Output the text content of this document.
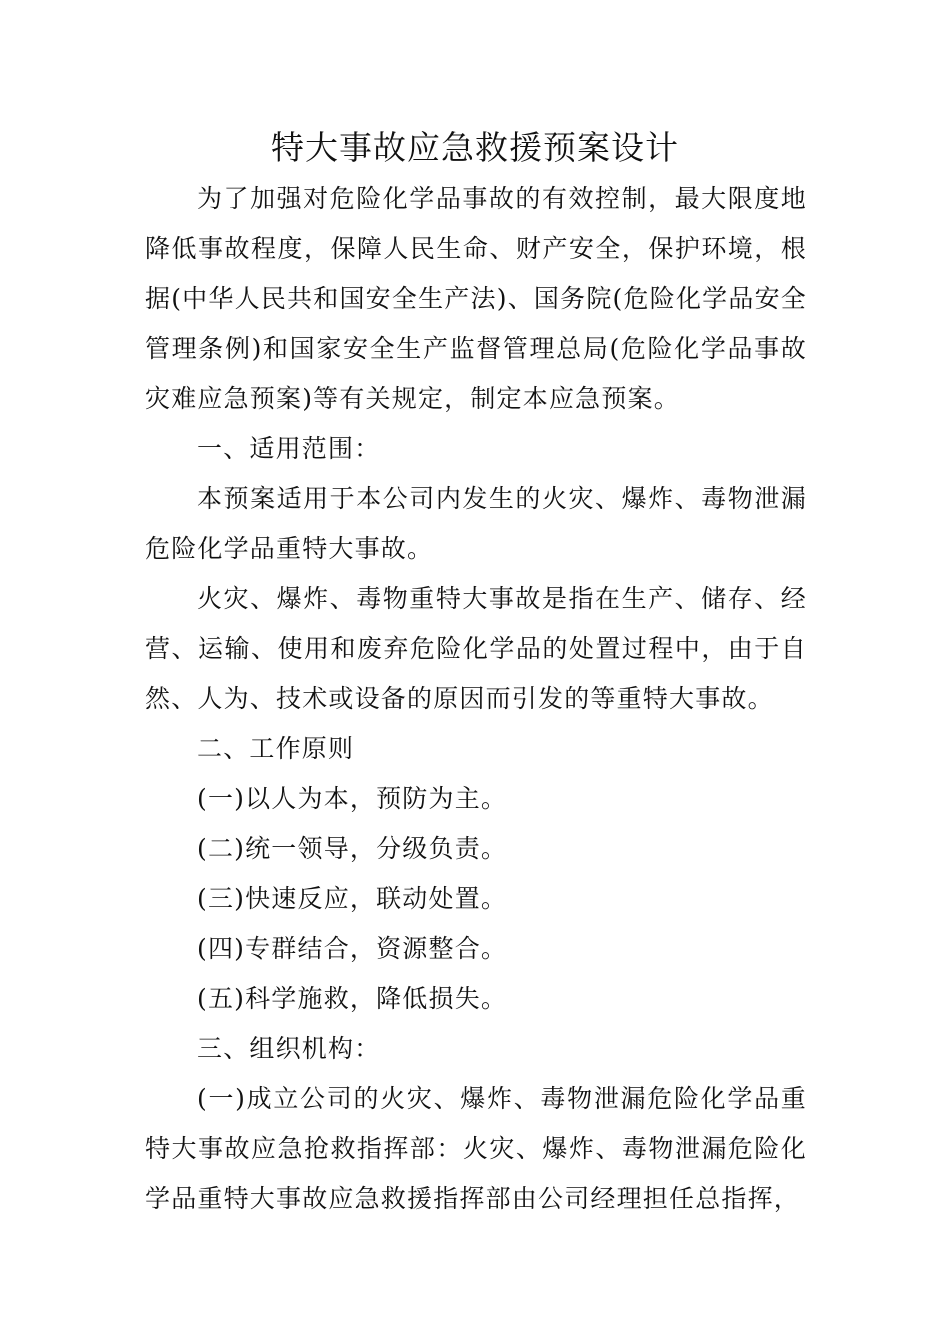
特大事故应急救援预案设计

为了加强对危险化学品事故的有效控制，最大限度地降低事故程度，保障人民生命、财产安全，保护环境，根据(中华人民共和国安全生产法)、国务院(危险化学品安全管理条例)和国家安全生产监督管理总局(危险化学品事故灾难应急预案)等有关规定，制定本应急预案。

一、适用范围：

本预案适用于本公司内发生的火灾、爆炸、毒物泄漏危险化学品重特大事故。

火灾、爆炸、毒物重特大事故是指在生产、储存、经营、运输、使用和废弃危险化学品的处置过程中，由于自然、人为、技术或设备的原因而引发的等重特大事故。

二、工作原则

(一)以人为本，预防为主。

(二)统一领导，分级负责。

(三)快速反应，联动处置。

(四)专群结合，资源整合。

(五)科学施救，降低损失。

三、组织机构：

(一)成立公司的火灾、爆炸、毒物泄漏危险化学品重特大事故应急抢救指挥部：火灾、爆炸、毒物泄漏危险化学品重特大事故应急救援指挥部由公司经理担任总指挥，
